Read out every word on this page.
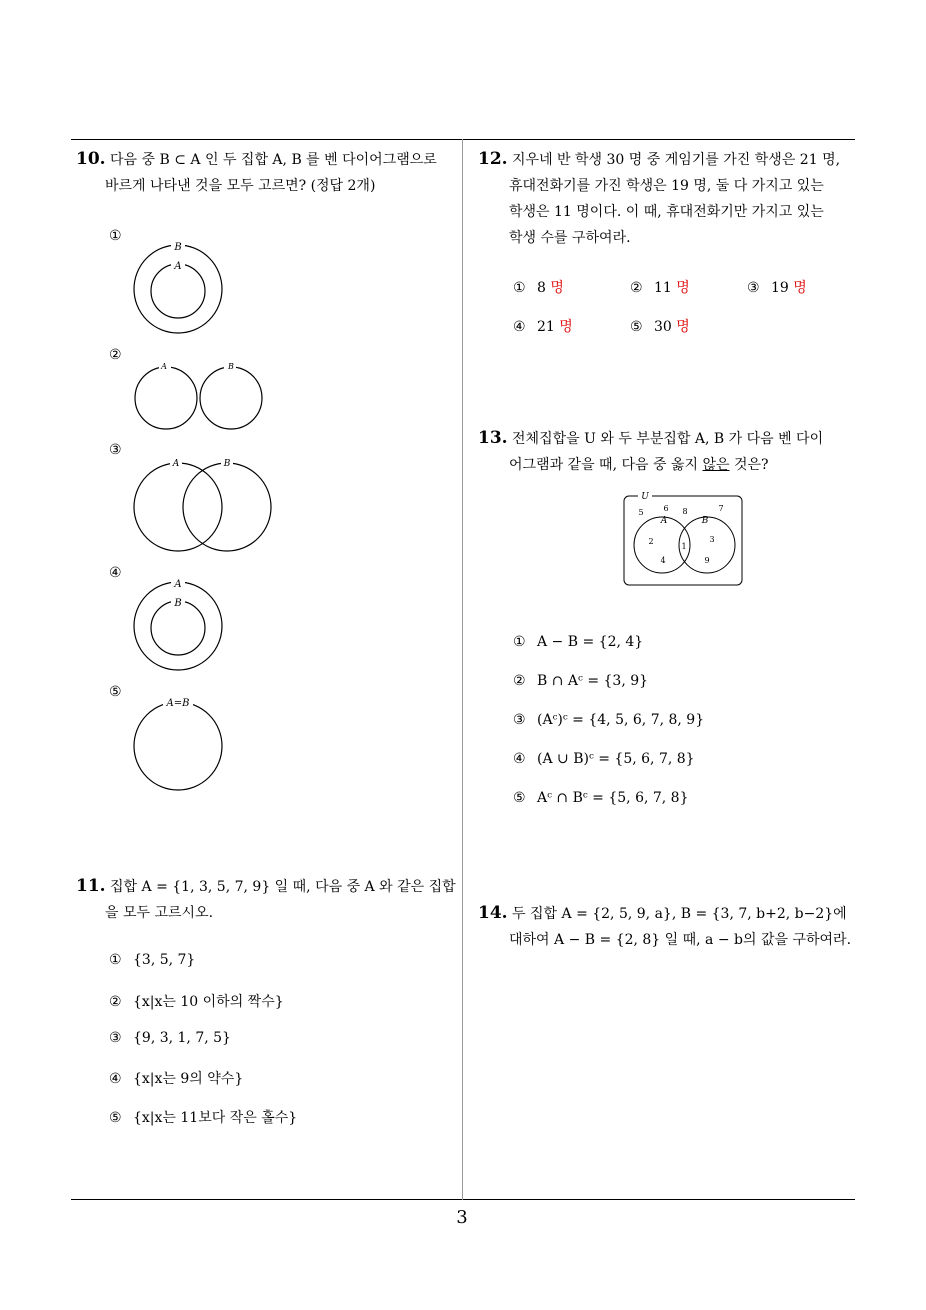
10. 다음 중 B ⊂ A 인 두 집합 A, B 를 벤 다이어그램으로
바르게 나타낸 것을 모두 고르면? (정답 2개)
①
B
A
②
A	B
③
A	B
④
A
B
⑤
A=B
11. 집합 A = {1, 3, 5, 7, 9} 일 때, 다음 중 A 와 같은 집합
을 모두 고르시오.
① {3, 5, 7}
② {x|x는 10 이하의 짝수}
③ {9, 3, 1, 7, 5}
④ {x|x는 9의 약수}
⑤ {x|x는 11보다 작은 홀수}
12. 지우네 반 학생 30 명 중 게임기를 가진 학생은 21 명,
휴대전화기를 가진 학생은 19 명, 둘 다 가지고 있는
학생은 11 명이다. 이 때, 휴대전화기만 가지고 있는
학생 수를 구하여라.
① 8 명	② 11 명	③ 19 명
④ 21 명	⑤ 30 명
13. 전체집합을 U 와 두 부분집합 A, B 가 다음 벤 다이
어그램과 같을 때, 다음 중 옳지 않은 것은?
U
A	B
5 6 8	7
2
4
1
3
9
① A − B = {2, 4}
② B ∩ Aᶜ = {3, 9}
③ (Aᶜ)ᶜ = {4, 5, 6, 7, 8, 9}
④ (A ∪ B)ᶜ = {5, 6, 7, 8}
⑤ Aᶜ ∩ Bᶜ = {5, 6, 7, 8}
14. 두 집합 A = {2, 5, 9, a}, B = {3, 7, b+2, b−2}에
대하여 A − B = {2, 8} 일 때, a − b의 값을 구하여라.
3
